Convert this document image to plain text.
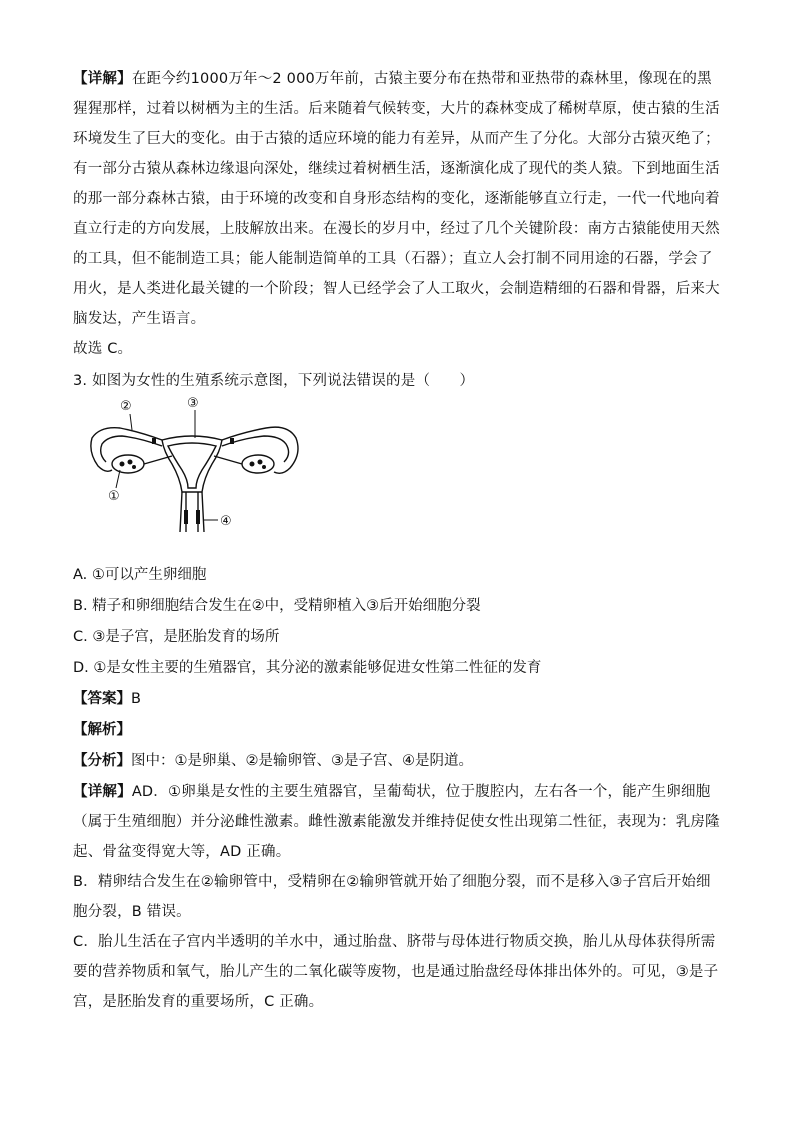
【详解】在距今约1000万年～2 000万年前，古猿主要分布在热带和亚热带的森林里，像现在的黑猩猩那样，过着以树栖为主的生活。后来随着气候转变，大片的森林变成了稀树草原，使古猿的生活环境发生了巨大的变化。由于古猿的适应环境的能力有差异，从而产生了分化。大部分古猿灭绝了；有一部分古猿从森林边缘退向深处，继续过着树栖生活，逐渐演化成了现代的类人猿。下到地面生活的那一部分森林古猿，由于环境的改变和自身形态结构的变化，逐渐能够直立行走，一代一代地向着直立行走的方向发展，上肢解放出来。在漫长的岁月中，经过了几个关键阶段：南方古猿能使用天然的工具，但不能制造工具；能人能制造简单的工具（石器）；直立人会打制不同用途的石器，学会了用火，是人类进化最关键的一个阶段；智人已经学会了人工取火，会制造精细的石器和骨器，后来大脑发达，产生语言。

故选 C。

3. 如图为女性的生殖系统示意图，下列说法错误的是（　　）

①
②	③
④

A. ①可以产生卵细胞

B. 精子和卵细胞结合发生在②中，受精卵植入③后开始细胞分裂

C. ③是子宫，是胚胎发育的场所

D. ①是女性主要的生殖器官，其分泌的激素能够促进女性第二性征的发育

【答案】B

【解析】

【分析】图中：①是卵巢、②是输卵管、③是子宫、④是阴道。

【详解】AD．①卵巢是女性的主要生殖器官，呈葡萄状，位于腹腔内，左右各一个，能产生卵细胞（属于生殖细胞）并分泌雌性激素。雌性激素能激发并维持促使女性出现第二性征，表现为：乳房隆起、骨盆变得宽大等，AD 正确。

B．精卵结合发生在②输卵管中，受精卵在②输卵管就开始了细胞分裂，而不是移入③子宫后开始细胞分裂，B 错误。

C．胎儿生活在子宫内半透明的羊水中，通过胎盘、脐带与母体进行物质交换，胎儿从母体获得所需要的营养物质和氧气，胎儿产生的二氧化碳等废物，也是通过胎盘经母体排出体外的。可见，③是子宫，是胚胎发育的重要场所，C 正确。
